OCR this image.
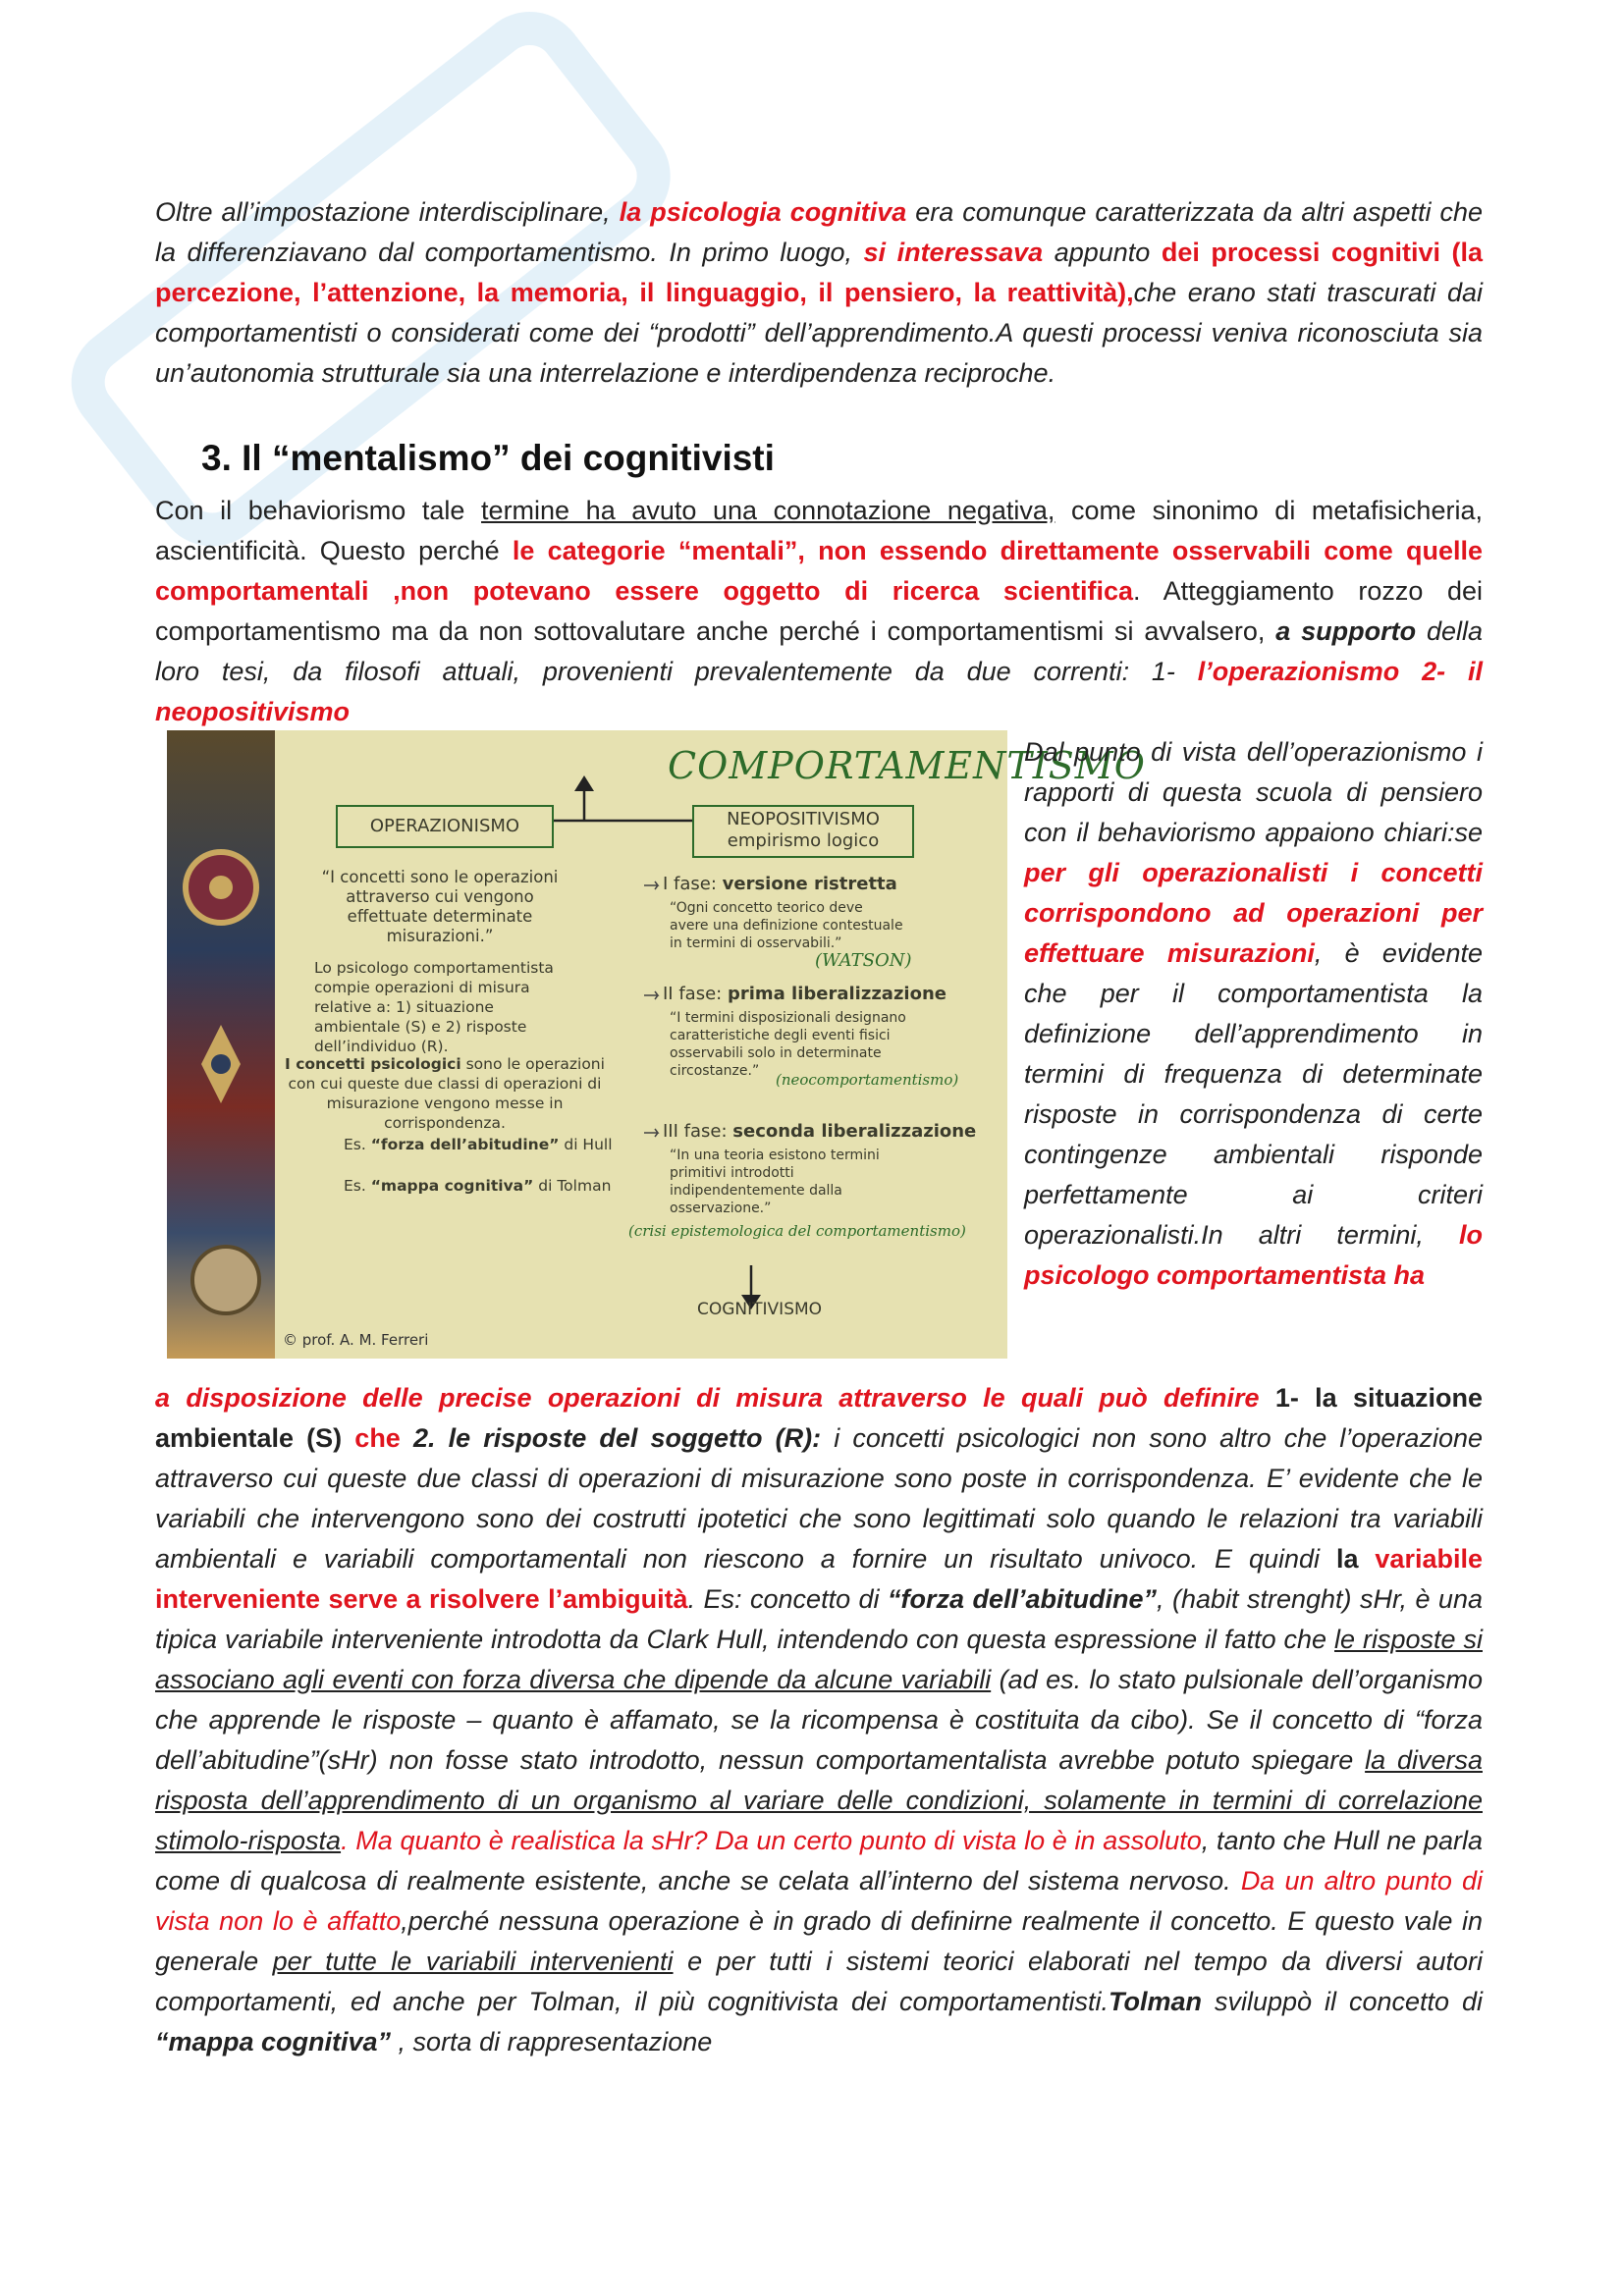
Oltre all’impostazione interdisciplinare, la psicologia cognitiva era comunque caratterizzata da altri aspetti che la differenziavano dal comportamentismo. In primo luogo, si interessava appunto dei processi cognitivi (la percezione, l’attenzione, la memoria, il linguaggio, il pensiero, la reattività),che erano stati trascurati dai comportamentisti o considerati come dei “prodotti” dell’apprendimento.A questi processi veniva riconosciuta sia un’autonomia strutturale sia una interrelazione e interdipendenza reciproche.

3. Il “mentalismo” dei cognitivisti

Con il behaviorismo tale termine ha avuto una connotazione negativa, come sinonimo di metafisicheria, ascientificità. Questo perché le categorie “mentali”, non essendo direttamente osservabili come quelle comportamentali ,non potevano essere oggetto di ricerca scientifica. Atteggiamento rozzo dei comportamentismo ma da non sottovalutare anche perché i comportamentismi si avvalsero, a supporto della loro tesi, da filosofi attuali, provenienti prevalentemente da due correnti: 1- l’operazionismo 2- il neopositivismo

COMPORTAMENTISMO
OPERAZIONISMO	NEOPOSITIVISMO
empirismo logico
“I concetti sono le operazioni attraverso cui vengono effettuate determinate misurazioni.”
Lo psicologo comportamentista compie operazioni di misura relative a: 1) situazione ambientale (S) e 2) risposte dell’individuo (R).
I concetti psicologici sono le operazioni con cui queste due classi di operazioni di misurazione vengono messe in corrispondenza.
Es. “forza dell’abitudine” di Hull
Es. “mappa cognitiva” di Tolman
I fase: versione ristretta
“Ogni concetto teorico deve avere una definizione contestuale in termini di osservabili.”
(WATSON)
II fase: prima liberalizzazione
“I termini disposizionali designano caratteristiche degli eventi fisici osservabili solo in determinate circostanze.”	(neocomportamentismo)
III fase: seconda liberalizzazione
“In una teoria esistono termini primitivi introdotti indipendentemente dalla osservazione.”
(crisi epistemologica del comportamentismo)
COGNITIVISMO
© prof. A. M. Ferreri

Dal punto di vista dell’operazionismo i rapporti di questa scuola di pensiero con il behaviorismo appaiono chiari:se per gli operazionalisti i concetti corrispondono ad operazioni per effettuare misurazioni, è evidente che per il comportamentista la definizione dell’apprendimento in termini di frequenza di determinate risposte in corrispondenza di certe contingenze ambientali risponde perfettamente ai criteri operazionalisti.In altri termini, lo psicologo comportamentista ha

a disposizione delle precise operazioni di misura attraverso le quali può definire 1- la situazione ambientale (S) che 2. le risposte del soggetto (R): i concetti psicologici non sono altro che l’operazione attraverso cui queste due classi di operazioni di misurazione sono poste in corrispondenza. E’ evidente che le variabili che intervengono sono dei costrutti ipotetici che sono legittimati solo quando le relazioni tra variabili ambientali e variabili comportamentali non riescono a fornire un risultato univoco. E quindi la variabile interveniente serve a risolvere l’ambiguità. Es: concetto di “forza dell’abitudine”, (habit strenght) sHr, è una tipica variabile interveniente introdotta da Clark Hull, intendendo con questa espressione il fatto che le risposte si associano agli eventi con forza diversa che dipende da alcune variabili (ad es. lo stato pulsionale dell’organismo che apprende le risposte – quanto è affamato, se la ricompensa è costituita da cibo). Se il concetto di “forza dell’abitudine”(sHr) non fosse stato introdotto, nessun comportamentalista avrebbe potuto spiegare la diversa risposta dell’apprendimento di un organismo al variare delle condizioni, solamente in termini di correlazione stimolo-risposta. Ma quanto è realistica la sHr? Da un certo punto di vista lo è in assoluto, tanto che Hull ne parla come di qualcosa di realmente esistente, anche se celata all’interno del sistema nervoso. Da un altro punto di vista non lo è affatto,perché nessuna operazione è in grado di definirne realmente il concetto. E questo vale in generale per tutte le variabili intervenienti e per tutti i sistemi teorici elaborati nel tempo da diversi autori comportamenti, ed anche per Tolman, il più cognitivista dei comportamentisti.Tolman sviluppò il concetto di “mappa cognitiva” , sorta di rappresentazione
